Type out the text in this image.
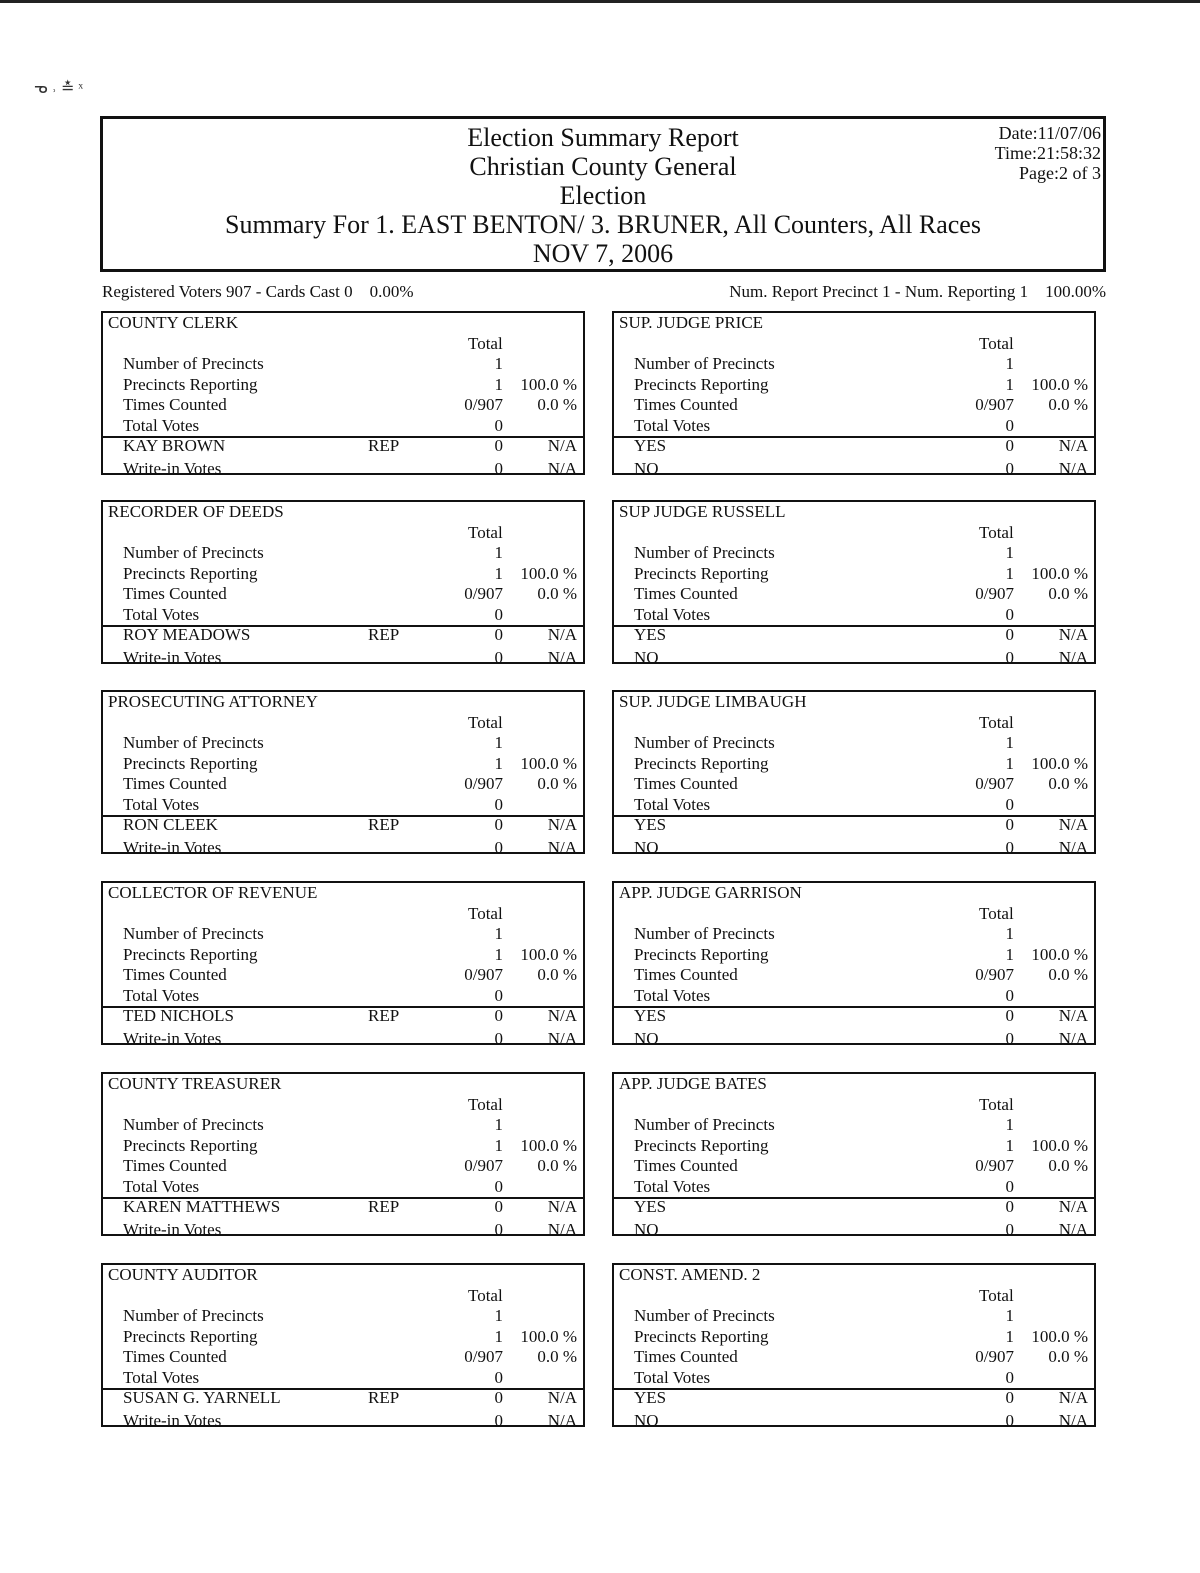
ᓀ ˒ ≛ ˣ
Election Summary Report
Christian County General
Election
Summary For 1. EAST BENTON/ 3. BRUNER, All Counters, All Races
NOV 7, 2006
Date:11/07/06
Time:21:58:32
Page:2 of 3
Registered Voters 907 - Cards Cast 0    0.00%	Num. Report Precinct 1 - Num. Reporting 1    100.00%
COUNTY CLERK
Total
Number of Precincts	1
Precincts Reporting	1 100.0 %
Times Counted	0/907 0.0 %
Total Votes	0
KAY BROWN	REP	0	N/A
Write-in Votes	0	N/A
SUP. JUDGE PRICE
Total
Number of Precincts	1
Precincts Reporting	1 100.0 %
Times Counted	0/907 0.0 %
Total Votes	0
YES	0	N/A
NO	0	N/A
RECORDER OF DEEDS
Total
Number of Precincts	1
Precincts Reporting	1 100.0 %
Times Counted	0/907 0.0 %
Total Votes	0
ROY MEADOWS	REP	0	N/A
Write-in Votes	0	N/A
SUP JUDGE RUSSELL
Total
Number of Precincts	1
Precincts Reporting	1 100.0 %
Times Counted	0/907 0.0 %
Total Votes	0
YES	0	N/A
NO	0	N/A
PROSECUTING ATTORNEY
Total
Number of Precincts	1
Precincts Reporting	1 100.0 %
Times Counted	0/907 0.0 %
Total Votes	0
RON CLEEK	REP	0	N/A
Write-in Votes	0	N/A
SUP. JUDGE LIMBAUGH
Total
Number of Precincts	1
Precincts Reporting	1 100.0 %
Times Counted	0/907 0.0 %
Total Votes	0
YES	0	N/A
NO	0	N/A
COLLECTOR OF REVENUE
Total
Number of Precincts	1
Precincts Reporting	1 100.0 %
Times Counted	0/907 0.0 %
Total Votes	0
TED NICHOLS	REP	0	N/A
Write-in Votes	0	N/A
APP. JUDGE GARRISON
Total
Number of Precincts	1
Precincts Reporting	1 100.0 %
Times Counted	0/907 0.0 %
Total Votes	0
YES	0	N/A
NO	0	N/A
COUNTY TREASURER
Total
Number of Precincts	1
Precincts Reporting	1 100.0 %
Times Counted	0/907 0.0 %
Total Votes	0
KAREN MATTHEWS	REP	0	N/A
Write-in Votes	0	N/A
APP. JUDGE BATES
Total
Number of Precincts	1
Precincts Reporting	1 100.0 %
Times Counted	0/907 0.0 %
Total Votes	0
YES	0	N/A
NO	0	N/A
COUNTY AUDITOR
Total
Number of Precincts	1
Precincts Reporting	1 100.0 %
Times Counted	0/907 0.0 %
Total Votes	0
SUSAN G. YARNELL	REP	0	N/A
Write-in Votes	0	N/A
CONST. AMEND. 2
Total
Number of Precincts	1
Precincts Reporting	1 100.0 %
Times Counted	0/907 0.0 %
Total Votes	0
YES	0	N/A
NO	0	N/A
